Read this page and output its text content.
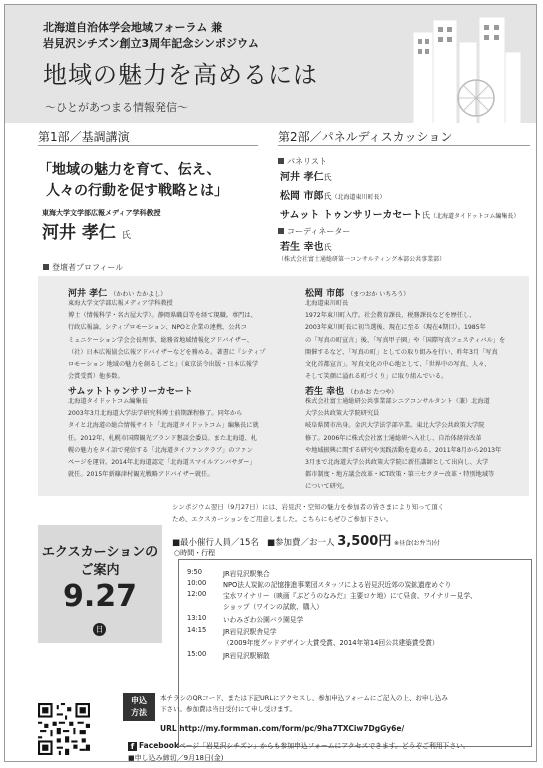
北海道自治体学会地域フォーラム 兼
岩見沢シチズン創立3周年記念シンポジウム
地域の魅力を高めるには
～ひとがあつまる情報発信～
第1部／基調講演	第2部／パネルディスカッション
「地域の魅力を育て、伝え、
人々の行動を促す戦略とは」
東海大学文学部広報メディア学科教授
河井 孝仁 氏
パネリスト
河井 孝仁氏
松岡 市郎氏（北海道東川町長）
サムット トゥンサリーカセート氏（北海道タイドットコム編集長）
コーディネーター
若生 幸也氏
（株式会社富士通総研第一コンサルティング本部公共事業部）
登壇者プロフィール
河井 孝仁 （かわい たかよし）
東海大学文学部広報メディア学科教授
博士（情報科学・名古屋大学）。静岡県職員等を経て現職。専門は、
行政広報論、シティプロモーション、NPOと企業の連携、公共コ
ミュニケーション学会会長理事、総務省地域情報化アドバイザー、
（社）日本広報協会広報アドバイザーなどを務める。著書に『シティプ
ロモーション 地域の魅力を創るしごと』（東京法令出版・日本広報学
会賞受賞）他多数。
サムットトゥンサリーカセート
北海道タイドットコム編集長
2003年3月北海道大学法学研究科博士前期課程修了。同年から
タイと北海道の総合情報サイト「北海道タイドットコム」編集長に就
任。2012年、札幌市国際観光ブランド懇談会委員。また北海道、札
幌の魅力をタイ語で発信する「北海道タイファンクラブ」のファン
ページを運営。2014年北海道認定「北海道スマイルアンバサダー」
就任。2015年新篠津村観光戦略アドバイザー就任。
松岡 市郎 （まつおか いちろう）
北海道東川町長
1972年東川町入庁。社会教育課長、税務課長などを歴任し、
2003年東川町長に初当選後、現在に至る（現在4期目）。1985年
の「写真の町宣言」後、「写真甲子園」や「国際写真フェスティバル」を
開催するなど、「写真の町」としての取り組みを行い、昨年3月「写真
文化首都宣言」。写真文化の中心地として、「世界中の写真、人々、
そして笑顔に溢れる町づくり」に取り組んでいる。
若生 幸也 （わかお たつや）
株式会社富士通総研公共事業部シニアコンサルタント（兼）北海道
大学公共政策大学院研究員
岐阜県関市出身。金沢大学法学部卒業。東北大学公共政策大学院
修了。2006年に株式会社富士通総研へ入社し、自治体経営改革
や地域振興に関する研究や実践活動を進める。2011年8月から2013年
3月まで北海道大学公共政策大学院に新任講師として出向し、大学
都市制度・地方議会改革・ICT政策・第三セクター改革・特別地域等
について研究。
シンポジウム翌日（9月27日）には、岩見沢・空知の魅力を参加者の皆さまにより知って頂く
ため、エクスカーションをご用意しました。こちらにもぜひご参加下さい。
エクスカーションの
ご案内
9.27
日
■最小催行人員／15名 ■参加費／お一人 3,500円 ※昼食(お弁当)付
○時間・行程
9:50	JR岩見沢駅集合
10:00	NPO法人炭鉱の記憶推進事業団スタッフによる岩見沢近郊の炭鉱遺産めぐり
12:00	宝水ワイナリー（映画『ぶどうのなみだ』主要ロケ地）にて昼食、ワイナリー見学、
ショップ（ワインの試飲、購入）
13:10	いわみざわ公園バラ園見学
14:15	JR岩見沢駅舎見学
（2009年度グッドデザイン大賞受賞、2014年第14回公共建築賞受賞）
15:00	JR岩見沢駅解散
申込
方法
本チラシのQRコード、または下記URLにアクセスし、参加申込フォームにご記入の上、お申し込み
下さい。参加費は当日受付にて申し受けます。
URL http://my.formman.com/form/pc/9ha7TXCiw7DgGy6e/
f Facebookページ「岩見沢シチズン」からも参加申込フォームにアクセスできます。どうぞご利用下さい。
■申し込み締切／9月18日(金)
